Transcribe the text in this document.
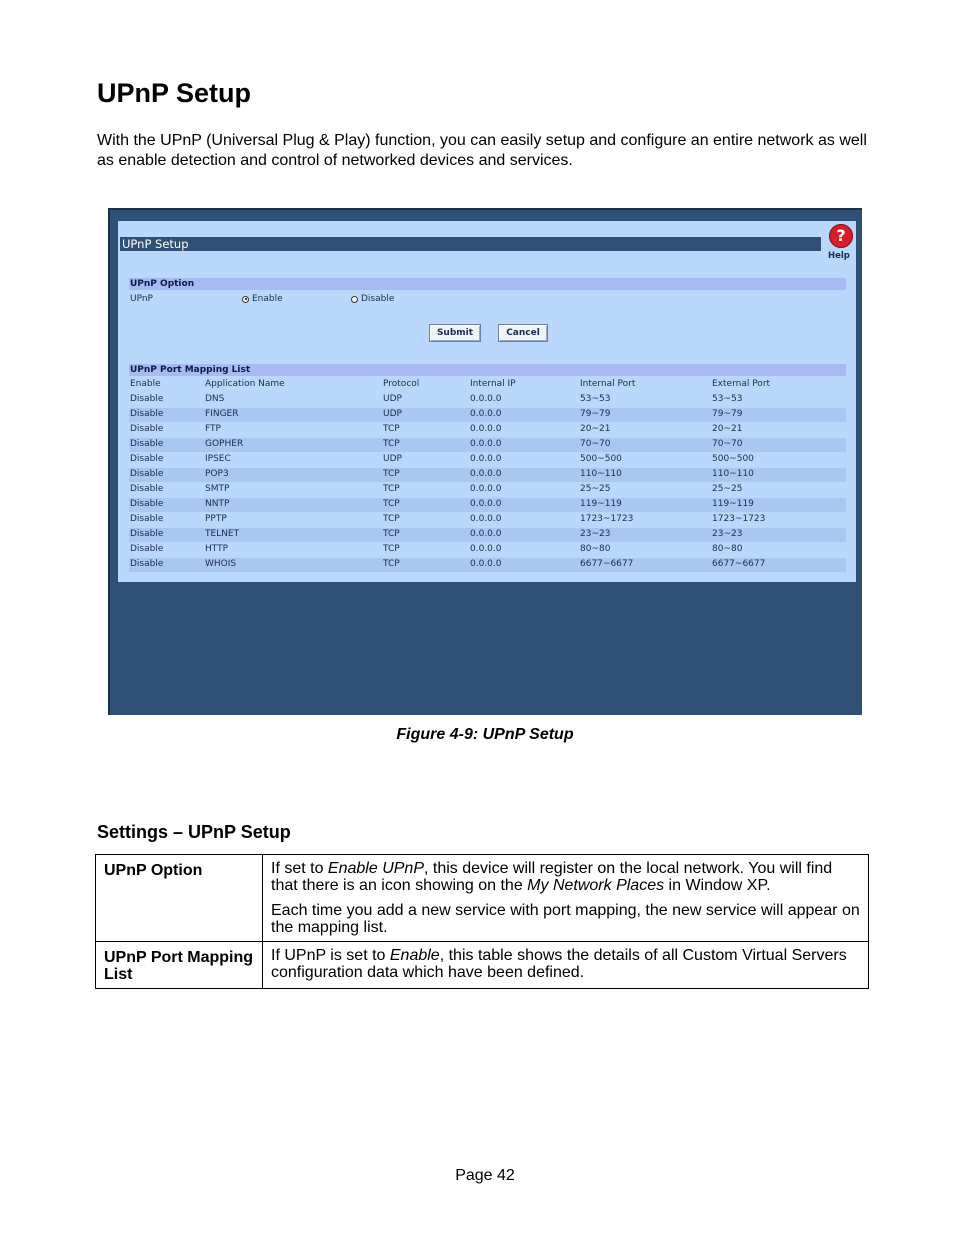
UPnP Setup

With the UPnP (Universal Plug & Play) function, you can easily setup and configure an entire network as well as enable detection and control of networked devices and services.

UPnP Setup	?
Help
UPnP Option
UPnP	Enable	Disable
Submit	Cancel
UPnP Port Mapping List
Enable	Application Name	Protocol	Internal IP	Internal Port	External Port
Disable	DNS	UDP	0.0.0.0	53~53	53~53
Disable	FINGER	UDP	0.0.0.0	79~79	79~79
Disable	FTP	TCP	0.0.0.0	20~21	20~21
Disable	GOPHER	TCP	0.0.0.0	70~70	70~70
Disable	IPSEC	UDP	0.0.0.0	500~500	500~500
Disable	POP3	TCP	0.0.0.0	110~110	110~110
Disable	SMTP	TCP	0.0.0.0	25~25	25~25
Disable	NNTP	TCP	0.0.0.0	119~119	119~119
Disable	PPTP	TCP	0.0.0.0	1723~1723	1723~1723
Disable	TELNET	TCP	0.0.0.0	23~23	23~23
Disable	HTTP	TCP	0.0.0.0	80~80	80~80
Disable	WHOIS	TCP	0.0.0.0	6677~6677	6677~6677
Figure 4-9: UPnP Setup
Settings – UPnP Setup
UPnP Option	If set to Enable UPnP, this device will register on the local network. You will find that there is an icon showing on the My Network Places in Window XP.

Each time you add a new service with port mapping, the new service will appear on the mapping list.

UPnP Port Mapping List	If UPnP is set to Enable, this table shows the details of all Custom Virtual Servers configuration data which have been defined.

Page 42
